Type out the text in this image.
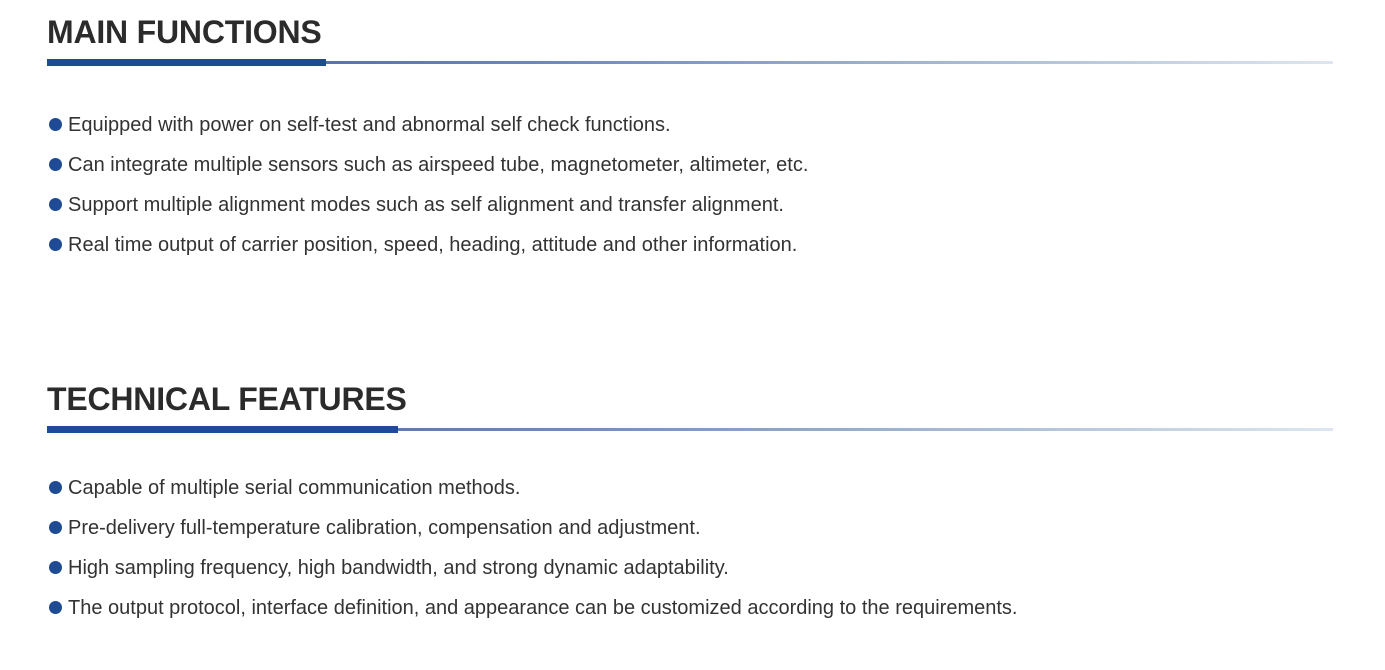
MAIN FUNCTIONS
Equipped with power on self-test and abnormal self check functions.
Can integrate multiple sensors such as airspeed tube, magnetometer, altimeter, etc.
Support multiple alignment modes such as self alignment and transfer alignment.
Real time output of carrier position, speed, heading, attitude and other information.
TECHNICAL FEATURES
Capable of multiple serial communication methods.
Pre-delivery full-temperature calibration, compensation and adjustment.
High sampling frequency, high bandwidth, and strong dynamic adaptability.
The output protocol, interface definition, and appearance can be customized according to the requirements.
